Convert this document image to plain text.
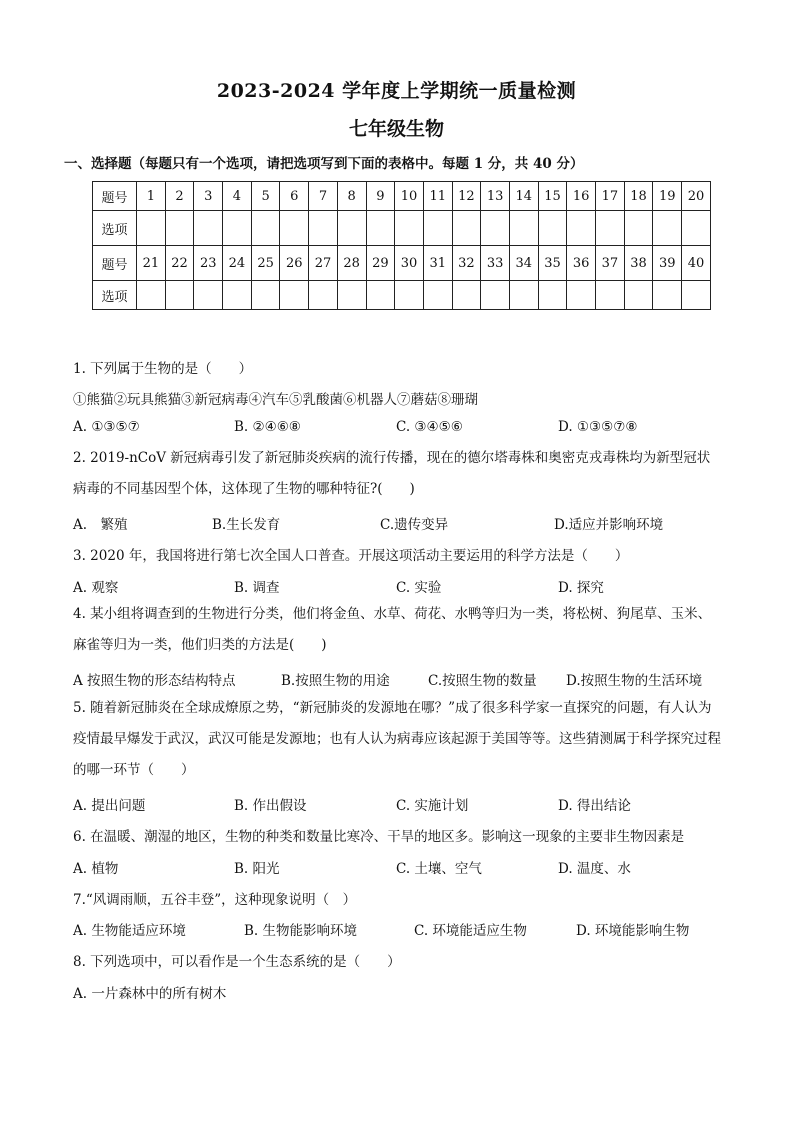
2023-2024 学年度上学期统一质量检测
七年级生物
一、选择题（每题只有一个选项，请把选项写到下面的表格中。每题 1 分，共 40 分）
题号	1	2	3	4	5	6	7	8	9	10	11	12	13	14	15	16	17	18	19	20
选项																				
题号	21	22	23	24	25	26	27	28	29	30	31	32	33	34	35	36	37	38	39	40
选项																				
1. 下列属于生物的是（　　）
①熊猫②玩具熊猫③新冠病毒④汽车⑤乳酸菌⑥机器人⑦蘑菇⑧珊瑚
A. ①③⑤⑦	B. ②④⑥⑧	C. ③④⑤⑥	D. ①③⑤⑦⑧
2. 2019-nCoV 新冠病毒引发了新冠肺炎疾病的流行传播，现在的德尔塔毒株和奥密克戎毒株均为新型冠状病毒的不同基因型个体，这体现了生物的哪种特征?(　　)
A.　繁殖	B.生长发育	C.遗传变异	D.适应并影响环境
3. 2020 年，我国将进行第七次全国人口普查。开展这项活动主要运用的科学方法是（　　）
A. 观察	B. 调查	C. 实验	D. 探究
4. 某小组将调查到的生物进行分类，他们将金鱼、水草、荷花、水鸭等归为一类，将松树、狗尾草、玉米、麻雀等归为一类，他们归类的方法是(　　)
A 按照生物的形态结构特点	B.按照生物的用途	C.按照生物的数量 D.按照生物的生活环境
5. 随着新冠肺炎在全球成燎原之势，“新冠肺炎的发源地在哪？”成了很多科学家一直探究的问题，有人认为疫情最早爆发于武汉，武汉可能是发源地；也有人认为病毒应该起源于美国等等。这些猜测属于科学探究过程的哪一环节（　　）
A. 提出问题	B. 作出假设	C. 实施计划	D. 得出结论
6. 在温暖、潮湿的地区，生物的种类和数量比寒冷、干旱的地区多。影响这一现象的主要非生物因素是
A. 植物	B. 阳光	C. 土壤、空气	D. 温度、水
7.“风调雨顺，五谷丰登”，这种现象说明（　）
A. 生物能适应环境	B. 生物能影响环境	C. 环境能适应生物	D. 环境能影响生物
8. 下列选项中，可以看作是一个生态系统的是（　　）
A. 一片森林中的所有树木
